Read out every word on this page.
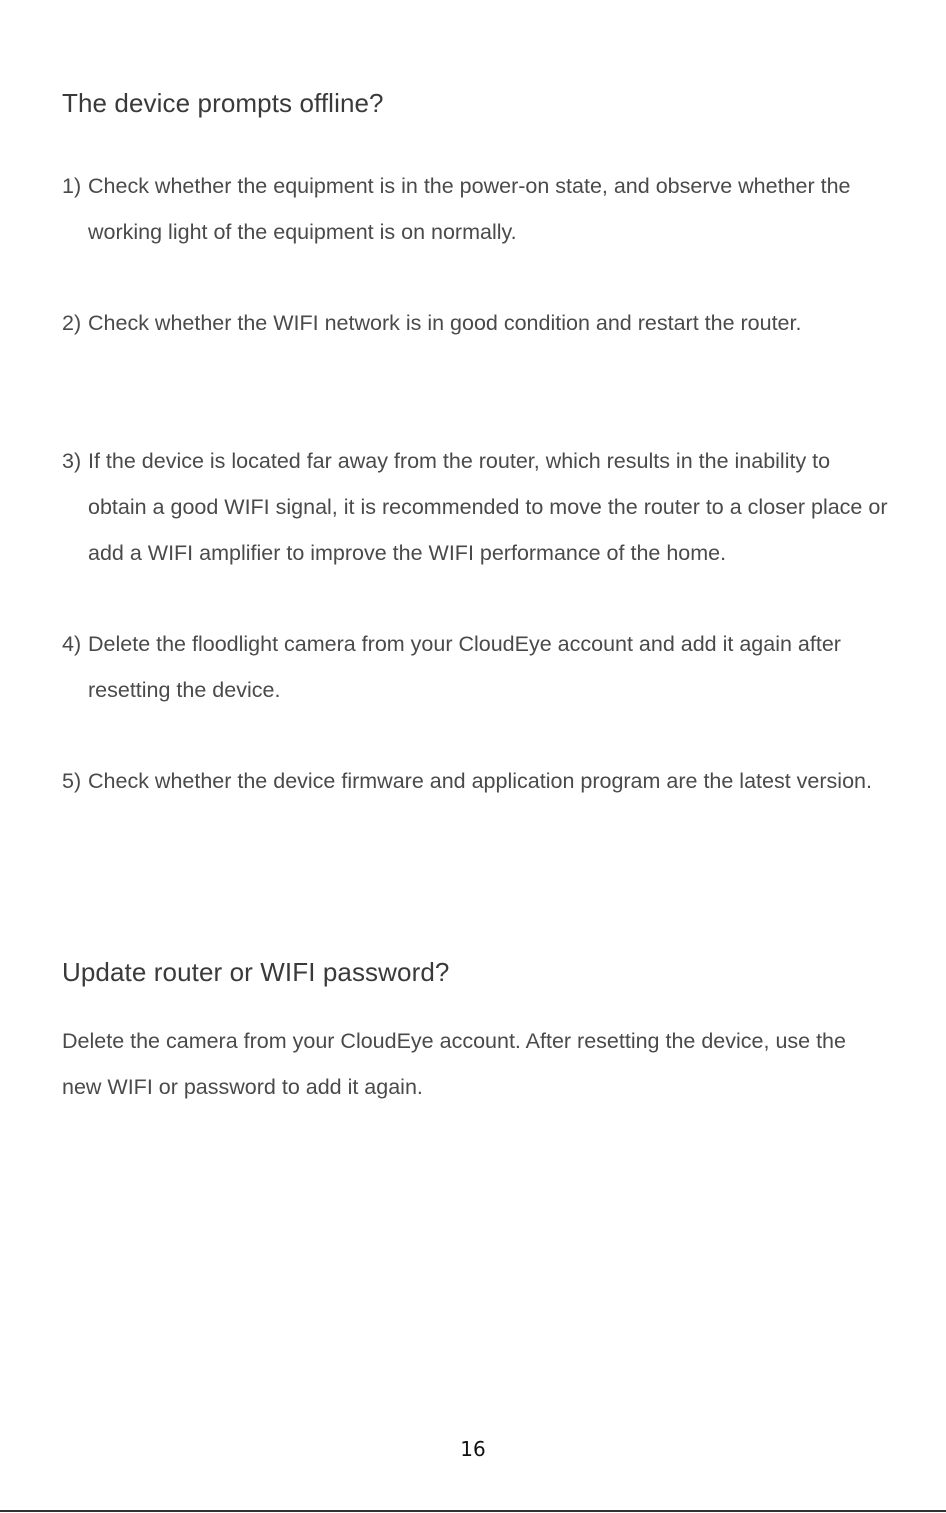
The device prompts offline?
1) Check whether the equipment is in the power-on state, and observe whether the working light of the equipment is on normally.
2) Check whether the WIFI network is in good condition and restart the router.
3) If the device is located far away from the router, which results in the inability to obtain a good WIFI signal, it is recommended to move the router to a closer place or add a WIFI amplifier to improve the WIFI performance of the home.
4) Delete the floodlight camera from your CloudEye account and add it again after resetting the device.
5) Check whether the device firmware and application program are the latest version.
Update router or WIFI password?

Delete the camera from your CloudEye account. After resetting the device, use the new WIFI or password to add it again.

16
